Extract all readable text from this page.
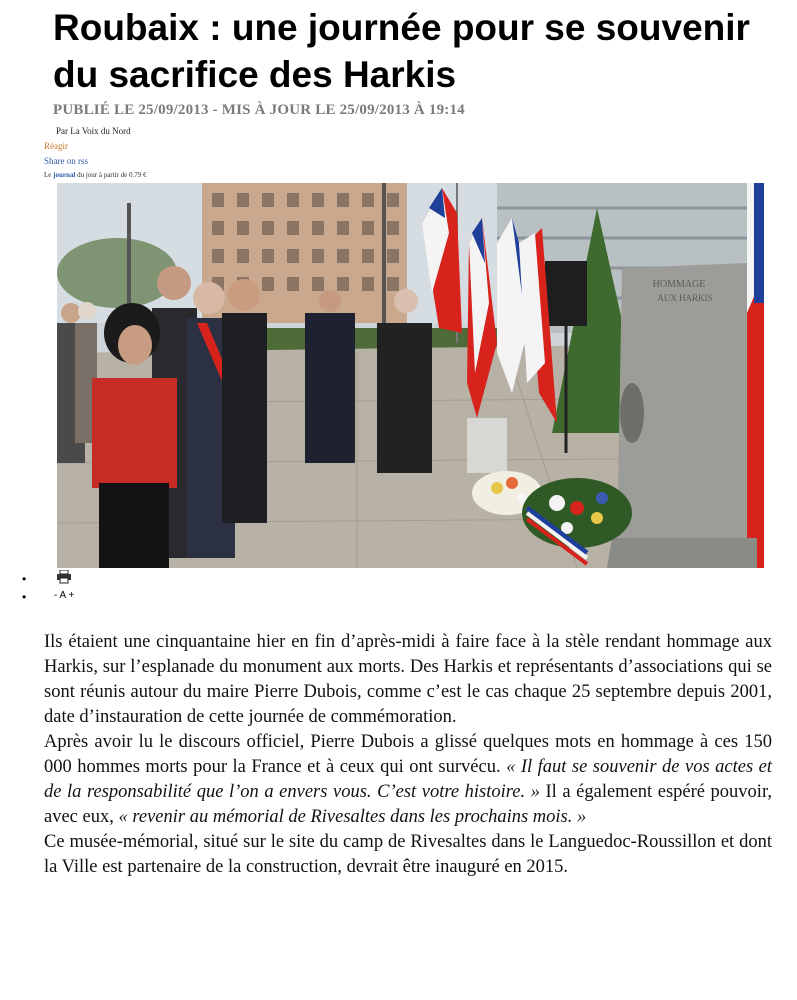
Roubaix : une journée pour se souvenir du sacrifice des Harkis
PUBLIÉ LE 25/09/2013 - MIS À JOUR LE 25/09/2013 À 19:14
Par La Voix du Nord
Réagir
Share on rss
Le journal du jour à partir de 0.79 €
HOMMAGE
AUX HARKIS
•
•	- A +

Ils étaient une cinquantaine hier en fin d’après-midi à faire face à la stèle rendant hommage aux Harkis, sur l’esplanade du monument aux morts. Des Harkis et représentants d’associations qui se sont réunis autour du maire Pierre Dubois, comme c’est le cas chaque 25 septembre depuis 2001, date d’instauration de cette journée de commémoration.

Après avoir lu le discours officiel, Pierre Dubois a glissé quelques mots en hommage à ces 150 000 hommes morts pour la France et à ceux qui ont survécu. « Il faut se souvenir de vos actes et de la responsabilité que l’on a envers vous. C’est votre histoire. » Il a également espéré pouvoir, avec eux, « revenir au mémorial de Rivesaltes dans les prochains mois. »

Ce musée-mémorial, situé sur le site du camp de Rivesaltes dans le Languedoc-Roussillon et dont la Ville est partenaire de la construction, devrait être inauguré en 2015.
